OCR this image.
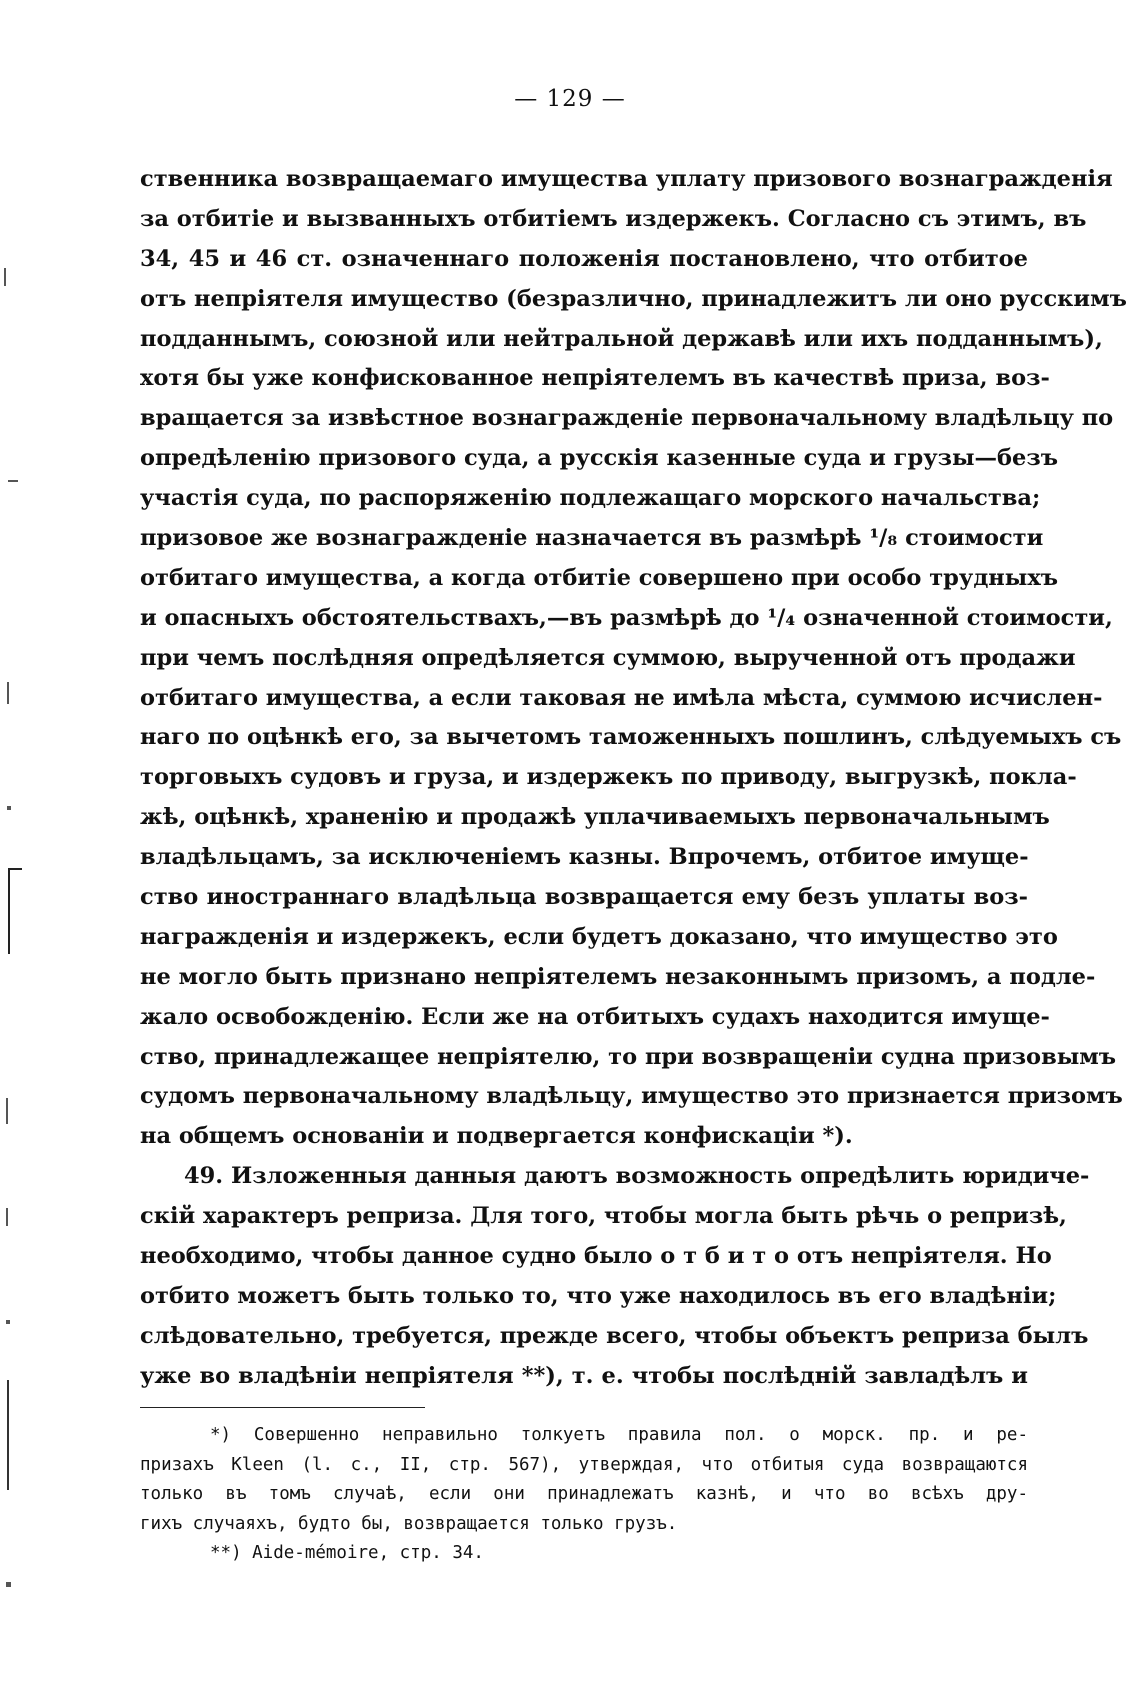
— 129 —
ственника возвращаемаго имущества уплату призового вознагражденія
за отбитіе и вызванныхъ отбитіемъ издержекъ. Согласно съ этимъ, въ
34, 45 и 46 ст. означеннаго положенія постановлено, что отбитое
отъ непріятеля имущество (безразлично, принадлежитъ ли оно русскимъ
подданнымъ, союзной или нейтральной державѣ или ихъ подданнымъ),
хотя бы уже конфискованное непріятелемъ въ качествѣ приза, воз-
вращается за извѣстное вознагражденіе первоначальному владѣльцу по
опредѣленію призового суда, а русскія казенные суда и грузы—безъ
участія суда, по распоряженію подлежащаго морского начальства;
призовое же вознагражденіе назначается въ размѣрѣ ¹/₈ стоимости
отбитаго имущества, а когда отбитіе совершено при особо трудныхъ
и опасныхъ обстоятельствахъ,—въ размѣрѣ до ¹/₄ означенной стоимости,
при чемъ послѣдняя опредѣляется суммою, вырученной отъ продажи
отбитаго имущества, а если таковая не имѣла мѣста, суммою исчислен-
наго по оцѣнкѣ его, за вычетомъ таможенныхъ пошлинъ, слѣдуемыхъ съ
торговыхъ судовъ и груза, и издержекъ по приводу, выгрузкѣ, покла-
жѣ, оцѣнкѣ, храненію и продажѣ уплачиваемыхъ первоначальнымъ
владѣльцамъ, за исключеніемъ казны. Впрочемъ, отбитое имуще-
ство иностраннаго владѣльца возвращается ему безъ уплаты воз-
награжденія и издержекъ, если будетъ доказано, что имущество это
не могло быть признано непріятелемъ незаконнымъ призомъ, а подле-
жало освобожденію. Если же на отбитыхъ судахъ находится имуще-
ство, принадлежащее непріятелю, то при возвращеніи судна призовымъ
судомъ первоначальному владѣльцу, имущество это признается призомъ
на общемъ основаніи и подвергается конфискаціи *).
49. Изложенныя данныя даютъ возможность опредѣлить юридиче-
скій характеръ реприза. Для того, чтобы могла быть рѣчь о репризѣ,
необходимо, чтобы данное судно было о т б и т о отъ непріятеля. Но
отбито можетъ быть только то, что уже находилось въ его владѣніи;
слѣдовательно, требуется, прежде всего, чтобы объектъ реприза былъ
уже во владѣніи непріятеля **), т. е. чтобы послѣдній завладѣлъ и
*) Совершенно неправильно толкуетъ правила пол. о морск. пр. и ре-
призахъ Kleen (l. c., II, стр. 567), утверждая, что отбитыя суда возвращаются
только въ томъ случаѣ, если они принадлежатъ казнѣ, и что во всѣхъ дру-
гихъ случаяхъ, будто бы, возвращается только грузъ.
**) Aide-mémoire, стр. 34.
